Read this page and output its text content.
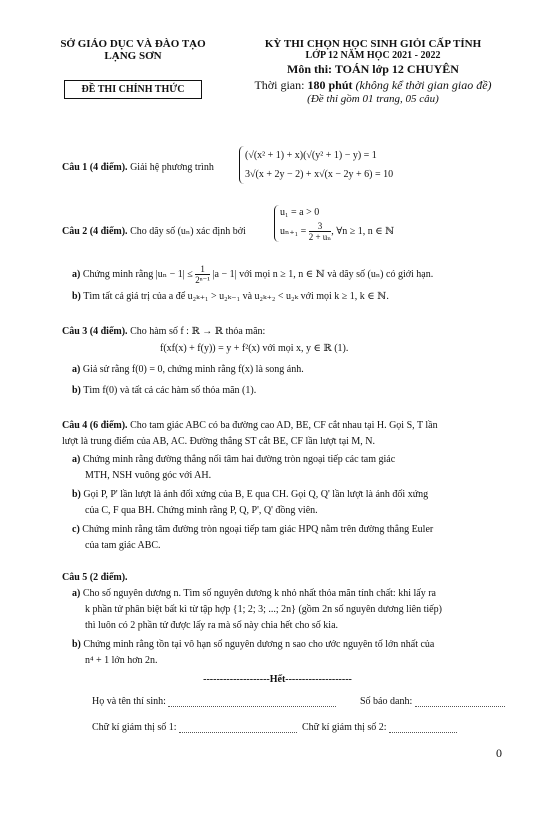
SỞ GIÁO DỤC VÀ ĐÀO TẠO
LẠNG SƠN
ĐỀ THI CHÍNH THỨC
KỲ THI CHỌN HỌC SINH GIỎI CẤP TỈNH
LỚP 12 NĂM HỌC 2021 - 2022
Môn thi: TOÁN lớp 12 CHUYÊN
Thời gian: 180 phút (không kể thời gian giao đề)
(Đề thi gồm 01 trang, 05 câu)
Câu 1 (4 điểm). Giải hệ phương trình
(√(x² + 1) + x)(√(y² + 1) − y) = 1
3√(x + 2y − 2) + x√(x − 2y + 6) = 10
Câu 2 (4 điểm). Cho dãy số (uₙ) xác định bởi
u₁ = a > 0
$u_{n+1} = \frac{3}{\text{2 + uₙ}}$ , ∀n ≥ 1, n ∈ ℕ
a) Chứng minh rằng $|u_n - 1| \le \frac{1}{\text{2ⁿ⁻¹}} |a - 1|$ với mọi n ≥ 1, n ∈ ℕ và dãy số (uₙ) có giới hạn.
b) Tìm tất cả giá trị của a để u₂ₖ₊₁ > u₂ₖ₋₁ và u₂ₖ₊₂ < u₂ₖ với mọi k ≥ 1, k ∈ ℕ.
Câu 3 (4 điểm). Cho hàm số f : ℝ → ℝ thỏa mãn:
f(xf(x) + f(y)) = y + f²(x) với mọi x, y ∈ ℝ (1).
a) Giả sử rằng f(0) = 0, chứng minh rằng f(x) là song ánh.
b) Tìm f(0) và tất cả các hàm số thỏa mãn (1).
Câu 4 (6 điểm). Cho tam giác ABC có ba đường cao AD, BE, CF cắt nhau tại H. Gọi S, T lần
lượt là trung điểm của AB, AC. Đường thẳng ST cắt BE, CF lần lượt tại M, N.
a) Chứng minh rằng đường thẳng nối tâm hai đường tròn ngoại tiếp các tam giác
MTH, NSH vuông góc với AH.
b) Gọi P, P' lần lượt là ảnh đối xứng của B, E qua CH. Gọi Q, Q' lần lượt là ảnh đối xứng
của C, F qua BH. Chứng minh rằng P, Q, P', Q' đồng viên.
c) Chứng minh rằng tâm đường tròn ngoại tiếp tam giác HPQ nằm trên đường thẳng Euler
của tam giác ABC.
Câu 5 (2 điểm).
a) Cho số nguyên dương n. Tìm số nguyên dương k nhỏ nhất thỏa mãn tính chất: khi lấy ra
k phần tử phân biệt bất kì từ tập hợp {1; 2; 3; ...; 2n} (gồm 2n số nguyên dương liên tiếp)
thì luôn có 2 phần tử được lấy ra mà số này chia hết cho số kia.
b) Chứng minh rằng tồn tại vô hạn số nguyên dương n sao cho ước nguyên tố lớn nhất của
n⁴ + 1 lớn hơn 2n.
--------------------Hết--------------------
Họ và tên thí sinh:	Số báo danh:
Chữ kí giám thị số 1:	Chữ kí giám thị số 2:
0
